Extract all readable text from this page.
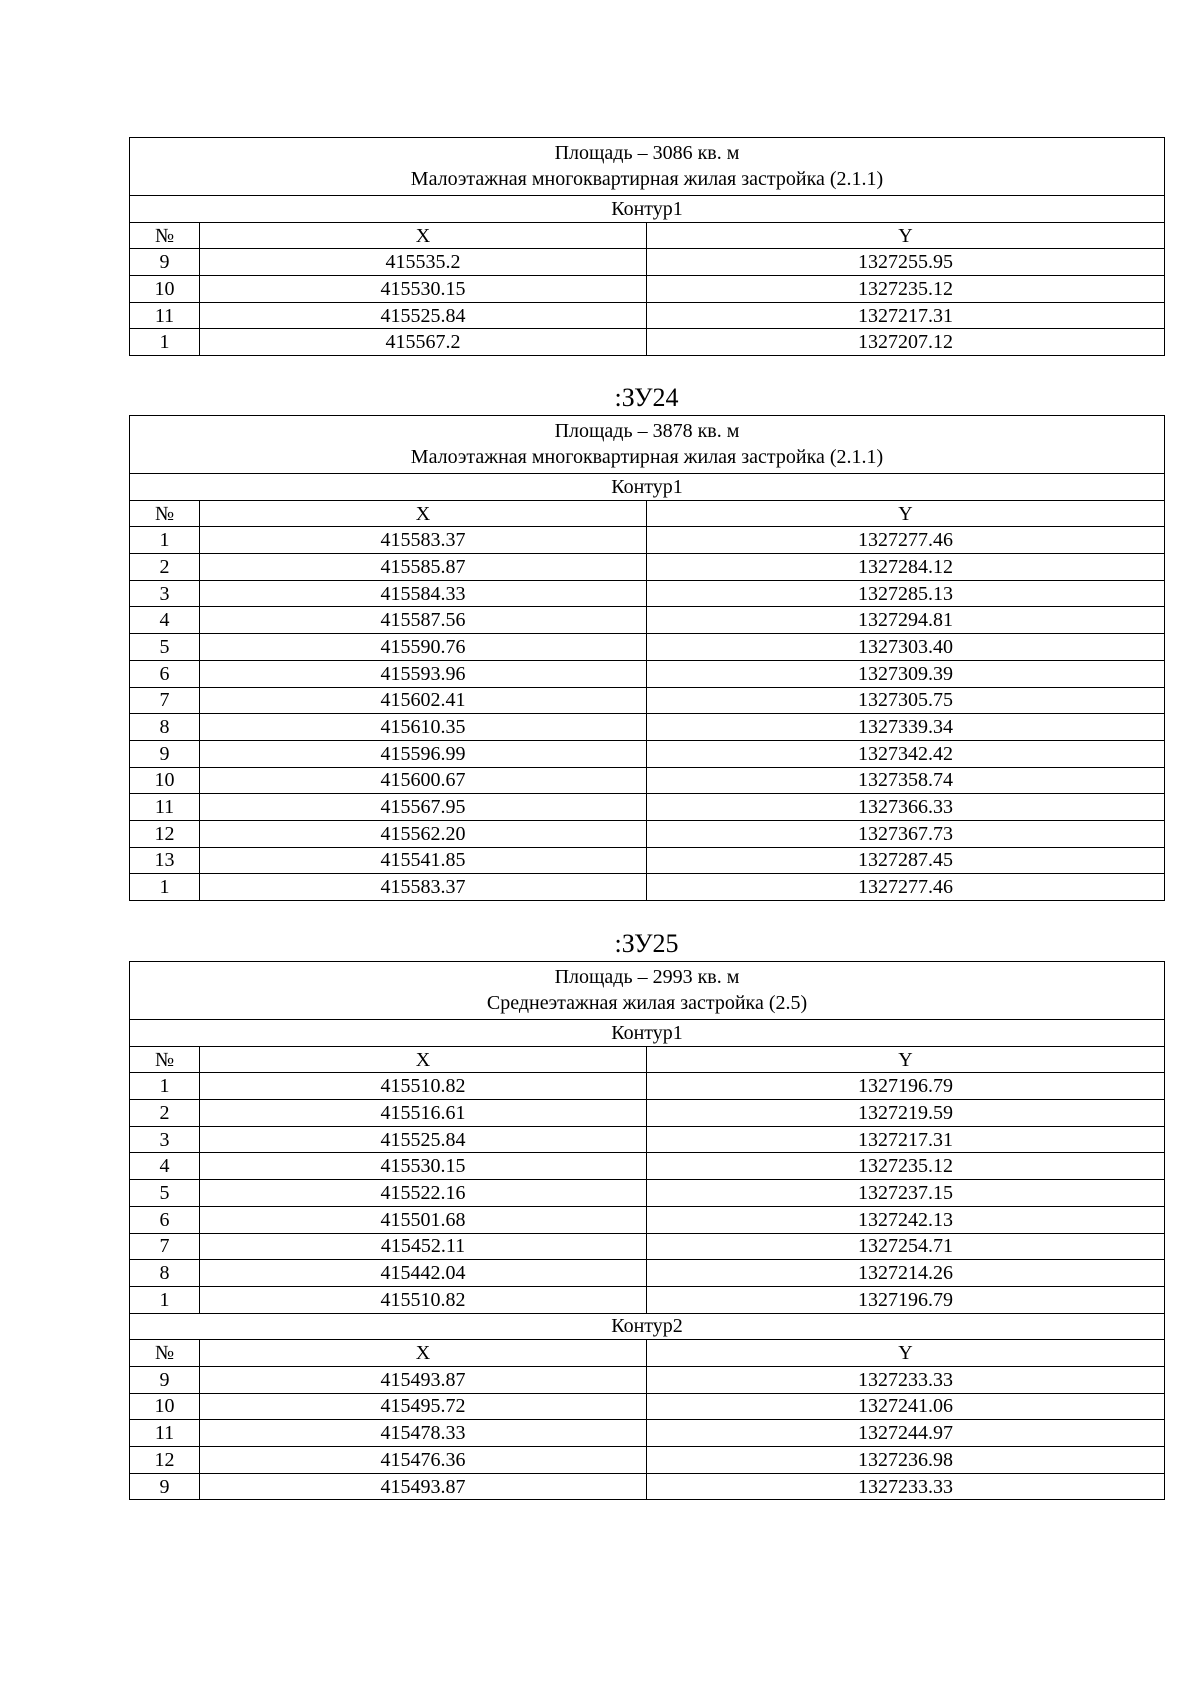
Площадь – 3086 кв. м
Малоэтажная многоквартирная жилая застройка (2.1.1)		

Контур1		
№	X	Y
9	415535.2	1327255.95
10	415530.15	1327235.12
11	415525.84	1327217.31
1	415567.2	1327207.12
:ЗУ24
Площадь – 3878 кв. м
Малоэтажная многоквартирная жилая застройка (2.1.1)		

Контур1		
№	X	Y
1	415583.37	1327277.46
2	415585.87	1327284.12
3	415584.33	1327285.13
4	415587.56	1327294.81
5	415590.76	1327303.40
6	415593.96	1327309.39
7	415602.41	1327305.75
8	415610.35	1327339.34
9	415596.99	1327342.42
10	415600.67	1327358.74
11	415567.95	1327366.33
12	415562.20	1327367.73
13	415541.85	1327287.45
1	415583.37	1327277.46
:ЗУ25
Площадь – 2993 кв. м
Среднеэтажная жилая застройка (2.5)		

Контур1		
№	X	Y
1	415510.82	1327196.79
2	415516.61	1327219.59
3	415525.84	1327217.31
4	415530.15	1327235.12
5	415522.16	1327237.15
6	415501.68	1327242.13
7	415452.11	1327254.71
8	415442.04	1327214.26
1	415510.82	1327196.79
Контур2		
№	X	Y
9	415493.87	1327233.33
10	415495.72	1327241.06
11	415478.33	1327244.97
12	415476.36	1327236.98
9	415493.87	1327233.33
